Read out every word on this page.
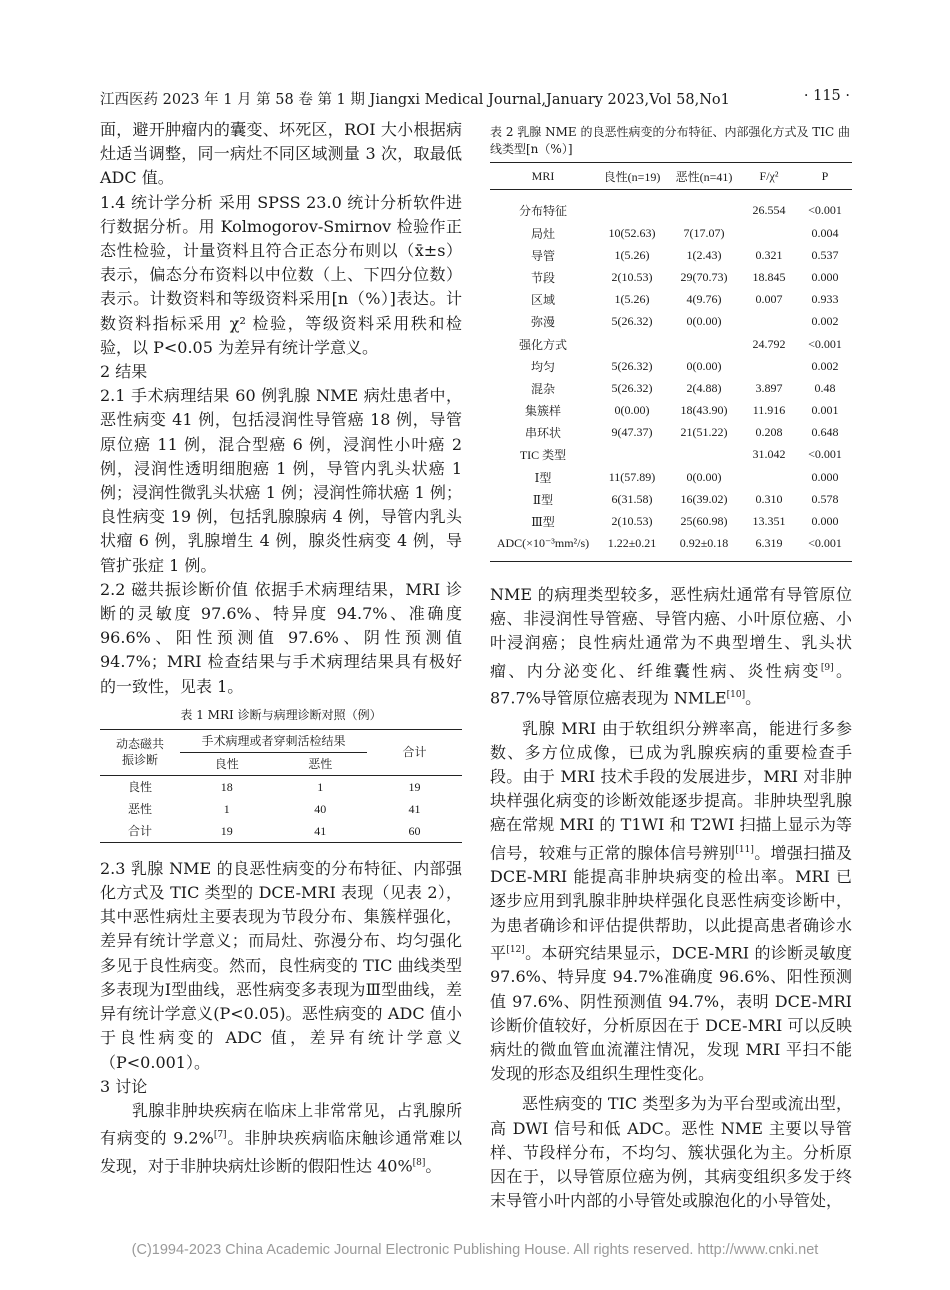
江西医药 2023 年 1 月 第 58 卷 第 1 期 Jiangxi Medical Journal,January 2023,Vol 58,No1	· 115 ·

面，避开肿瘤内的囊变、坏死区，ROI 大小根据病灶适当调整，同一病灶不同区域测量 3 次，取最低 ADC 值。

1.4 统计学分析 采用 SPSS 23.0 统计分析软件进行数据分析。用 Kolmogorov-Smirnov 检验作正态性检验，计量资料且符合正态分布则以（x̄±s）表示，偏态分布资料以中位数（上、下四分位数）表示。计数资料和等级资料采用[n（%）]表达。计数资料指标采用 χ² 检验，等级资料采用秩和检验，以 P<0.05 为差异有统计学意义。

2 结果

2.1 手术病理结果 60 例乳腺 NME 病灶患者中，恶性病变 41 例，包括浸润性导管癌 18 例，导管原位癌 11 例，混合型癌 6 例，浸润性小叶癌 2 例，浸润性透明细胞癌 1 例，导管内乳头状癌 1 例；浸润性微乳头状癌 1 例；浸润性筛状癌 1 例；良性病变 19 例，包括乳腺腺病 4 例，导管内乳头状瘤 6 例，乳腺增生 4 例，腺炎性病变 4 例，导管扩张症 1 例。

2.2 磁共振诊断价值 依据手术病理结果，MRI 诊断的灵敏度 97.6%、特异度 94.7%、准确度 96.6%、阳性预测值 97.6%、阴性预测值 94.7%；MRI 检查结果与手术病理结果具有极好的一致性，见表 1。

表 1 MRI 诊断与病理诊断对照（例）
动态磁共
振诊断	手术病理或者穿刺活检结果		合计
	良性	恶性	
良性	18	1	19
恶性	1	40	41
合计	19	41	60

2.3 乳腺 NME 的良恶性病变的分布特征、内部强化方式及 TIC 类型的 DCE-MRI 表现（见表 2），其中恶性病灶主要表现为节段分布、集簇样强化，差异有统计学意义；而局灶、弥漫分布、均匀强化多见于良性病变。然而，良性病变的 TIC 曲线类型多表现为Ⅰ型曲线，恶性病变多表现为Ⅲ型曲线，差异有统计学意义(P<0.05)。恶性病变的 ADC 值小于良性病变的 ADC 值，差异有统计学意义（P<0.001）。

3 讨论

乳腺非肿块疾病在临床上非常常见，占乳腺所有病变的 9.2%[7]。非肿块疾病临床触诊通常难以发现，对于非肿块病灶诊断的假阳性达 40%[8]。

表 2 乳腺 NME 的良恶性病变的分布特征、内部强化方式及 TIC 曲线类型[n（%）]
MRI	良性(n=19)	恶性(n=41)	F/χ²	P
分布特征			26.554	<0.001
局灶	10(52.63)	7(17.07)		0.004
导管	1(5.26)	1(2.43)	0.321	0.537
节段	2(10.53)	29(70.73)	18.845	0.000
区域	1(5.26)	4(9.76)	0.007	0.933
弥漫	5(26.32)	0(0.00)		0.002
强化方式			24.792	<0.001
均匀	5(26.32)	0(0.00)		0.002
混杂	5(26.32)	2(4.88)	3.897	0.48
集簇样	0(0.00)	18(43.90)	11.916	0.001
串环状	9(47.37)	21(51.22)	0.208	0.648
TIC 类型			31.042	<0.001
Ⅰ型	11(57.89)	0(0.00)		0.000
Ⅱ型	6(31.58)	16(39.02)	0.310	0.578
Ⅲ型	2(10.53)	25(60.98)	13.351	0.000
ADC(×10⁻³mm²/s)	1.22±0.21	0.92±0.18	6.319	<0.001

NME 的病理类型较多，恶性病灶通常有导管原位癌、非浸润性导管癌、导管内癌、小叶原位癌、小叶浸润癌；良性病灶通常为不典型增生、乳头状瘤、内分泌变化、纤维囊性病、炎性病变[9]。87.7%导管原位癌表现为 NMLE[10]。

乳腺 MRI 由于软组织分辨率高，能进行多参数、多方位成像，已成为乳腺疾病的重要检查手段。由于 MRI 技术手段的发展进步，MRI 对非肿块样强化病变的诊断效能逐步提高。非肿块型乳腺癌在常规 MRI 的 T1WI 和 T2WI 扫描上显示为等信号，较难与正常的腺体信号辨别[11]。增强扫描及 DCE-MRI 能提高非肿块病变的检出率。MRI 已逐步应用到乳腺非肿块样强化良恶性病变诊断中，为患者确诊和评估提供帮助，以此提高患者确诊水平[12]。本研究结果显示，DCE-MRI 的诊断灵敏度 97.6%、特异度 94.7%准确度 96.6%、阳性预测值 97.6%、阴性预测值 94.7%，表明 DCE-MRI 诊断价值较好，分析原因在于 DCE-MRI 可以反映病灶的微血管血流灌注情况，发现 MRI 平扫不能发现的形态及组织生理性变化。

恶性病变的 TIC 类型多为为平台型或流出型，高 DWI 信号和低 ADC。恶性 NME 主要以导管样、节段样分布，不均匀、簇状强化为主。分析原因在于，以导管原位癌为例，其病变组织多发于终末导管小叶内部的小导管处或腺泡化的小导管处，

(C)1994-2023 China Academic Journal Electronic Publishing House. All rights reserved. http://www.cnki.net
